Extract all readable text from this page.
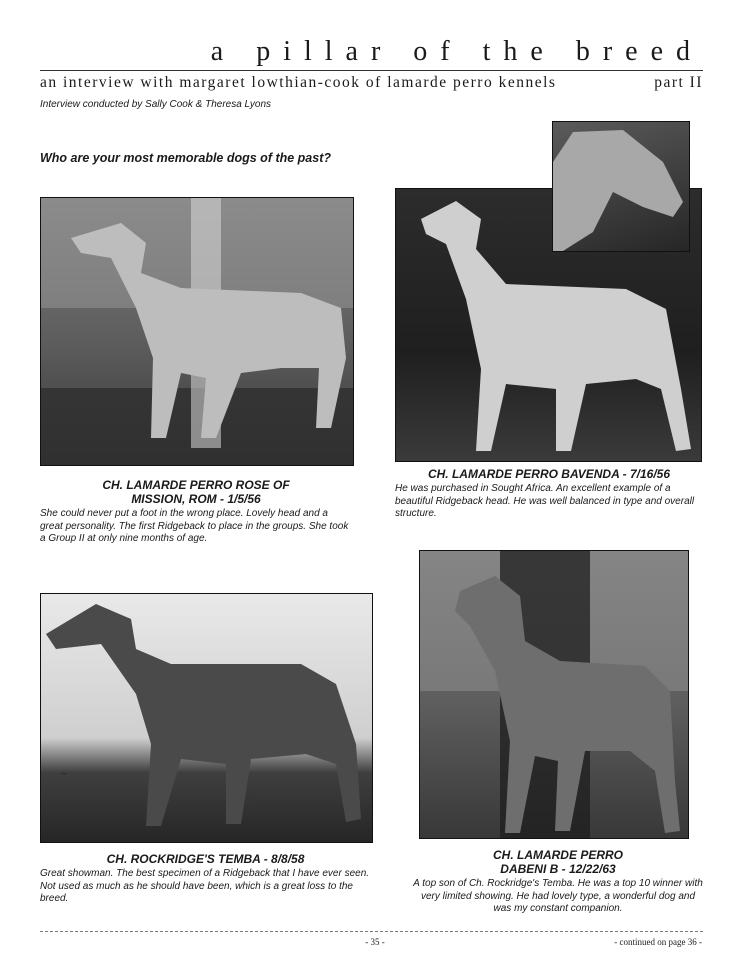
a pillar of the breed

an interview with margaret lowthian-cook of lamarde perro kennels	part II

Interview conducted by Sally Cook & Theresa Lyons

Who are your most memorable dogs of the past?

CH. LAMARDE PERRO ROSE OF

MISSION, ROM - 1/5/56

She could never put a foot in the wrong place. Lovely head and a great personality. The first Ridgeback to place in the groups. She took a Group II at only nine months of age.

CH. LAMARDE PERRO BAVENDA - 7/16/56

He was purchased in Sought Africa. An excellent example of a beautiful Ridgeback head. He was well balanced in type and overall structure.

~

CH. ROCKRIDGE'S TEMBA - 8/8/58

Great showman. The best specimen of a Ridgeback that I have ever seen. Not used as much as he should have been, which is a great loss to the breed.

CH. LAMARDE PERRO

DABENI B - 12/22/63

A top son of Ch. Rockridge's Temba. He was a top 10 winner with very limited showing. He had lovely type, a wonderful dog and was my constant companion.

- 35 -	- continued on page 36 -
